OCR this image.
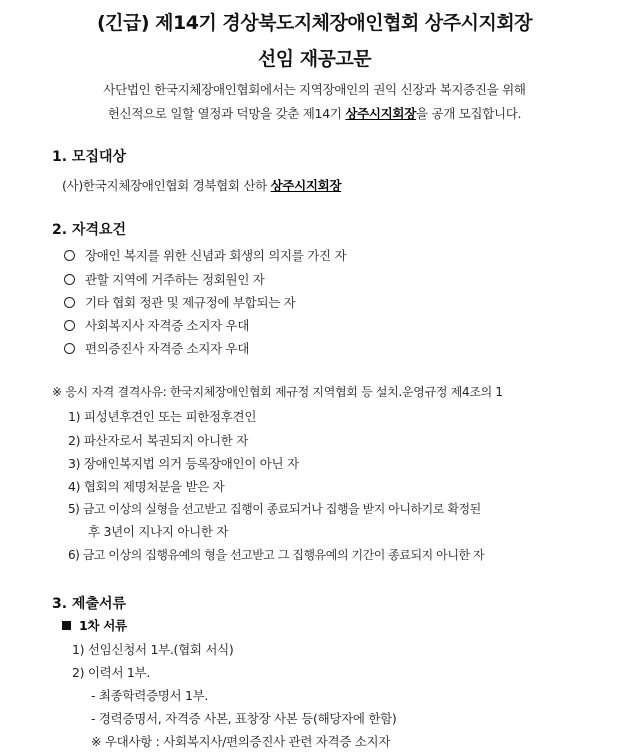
(긴급) 제14기 경상북도지체장애인협회 상주시지회장
선임 재공고문
사단법인 한국지체장애인협회에서는 지역장애인의 권익 신장과 복지증진을 위해
헌신적으로 일할 열정과 덕망을 갖춘 제14기 상주시지회장을 공개 모집합니다.
1. 모집대상
(사)한국지체장애인협회 경북협회 산하 상주시지회장
2. 자격요건
장애인 복지를 위한 신념과 회생의 의지를 가진 자
관할 지역에 거주하는 정회원인 자
기타 협회 정관 및 제규정에 부합되는 자
사회복지사 자격증 소지자 우대
편의증진사 자격증 소지자 우대
※ 응시 자격 결격사유: 한국지체장애인협회 제규정 지역협회 등 설치.운영규정 제4조의 1
1) 피성년후견인 또는 피한정후견인
2) 파산자로서 복권되지 아니한 자
3) 장애인복지법 의거 등록장애인이 아닌 자
4) 협회의 제명처분을 받은 자
5) 금고 이상의 실형을 선고받고 집행이 종료되거나 집행을 받지 아니하기로 확정된
후 3년이 지나지 아니한 자
6) 금고 이상의 집행유예의 형을 선고받고 그 집행유예의 기간이 종료되지 아니한 자
3. 제출서류
1차 서류
1) 선임신청서 1부.(협회 서식)
2) 이력서 1부.
- 최종학력증명서 1부.
- 경력증명서, 자격증 사본, 표창장 사본 등(해당자에 한함)
※ 우대사항 : 사회복지사/편의증진사 관련 자격증 소지자
